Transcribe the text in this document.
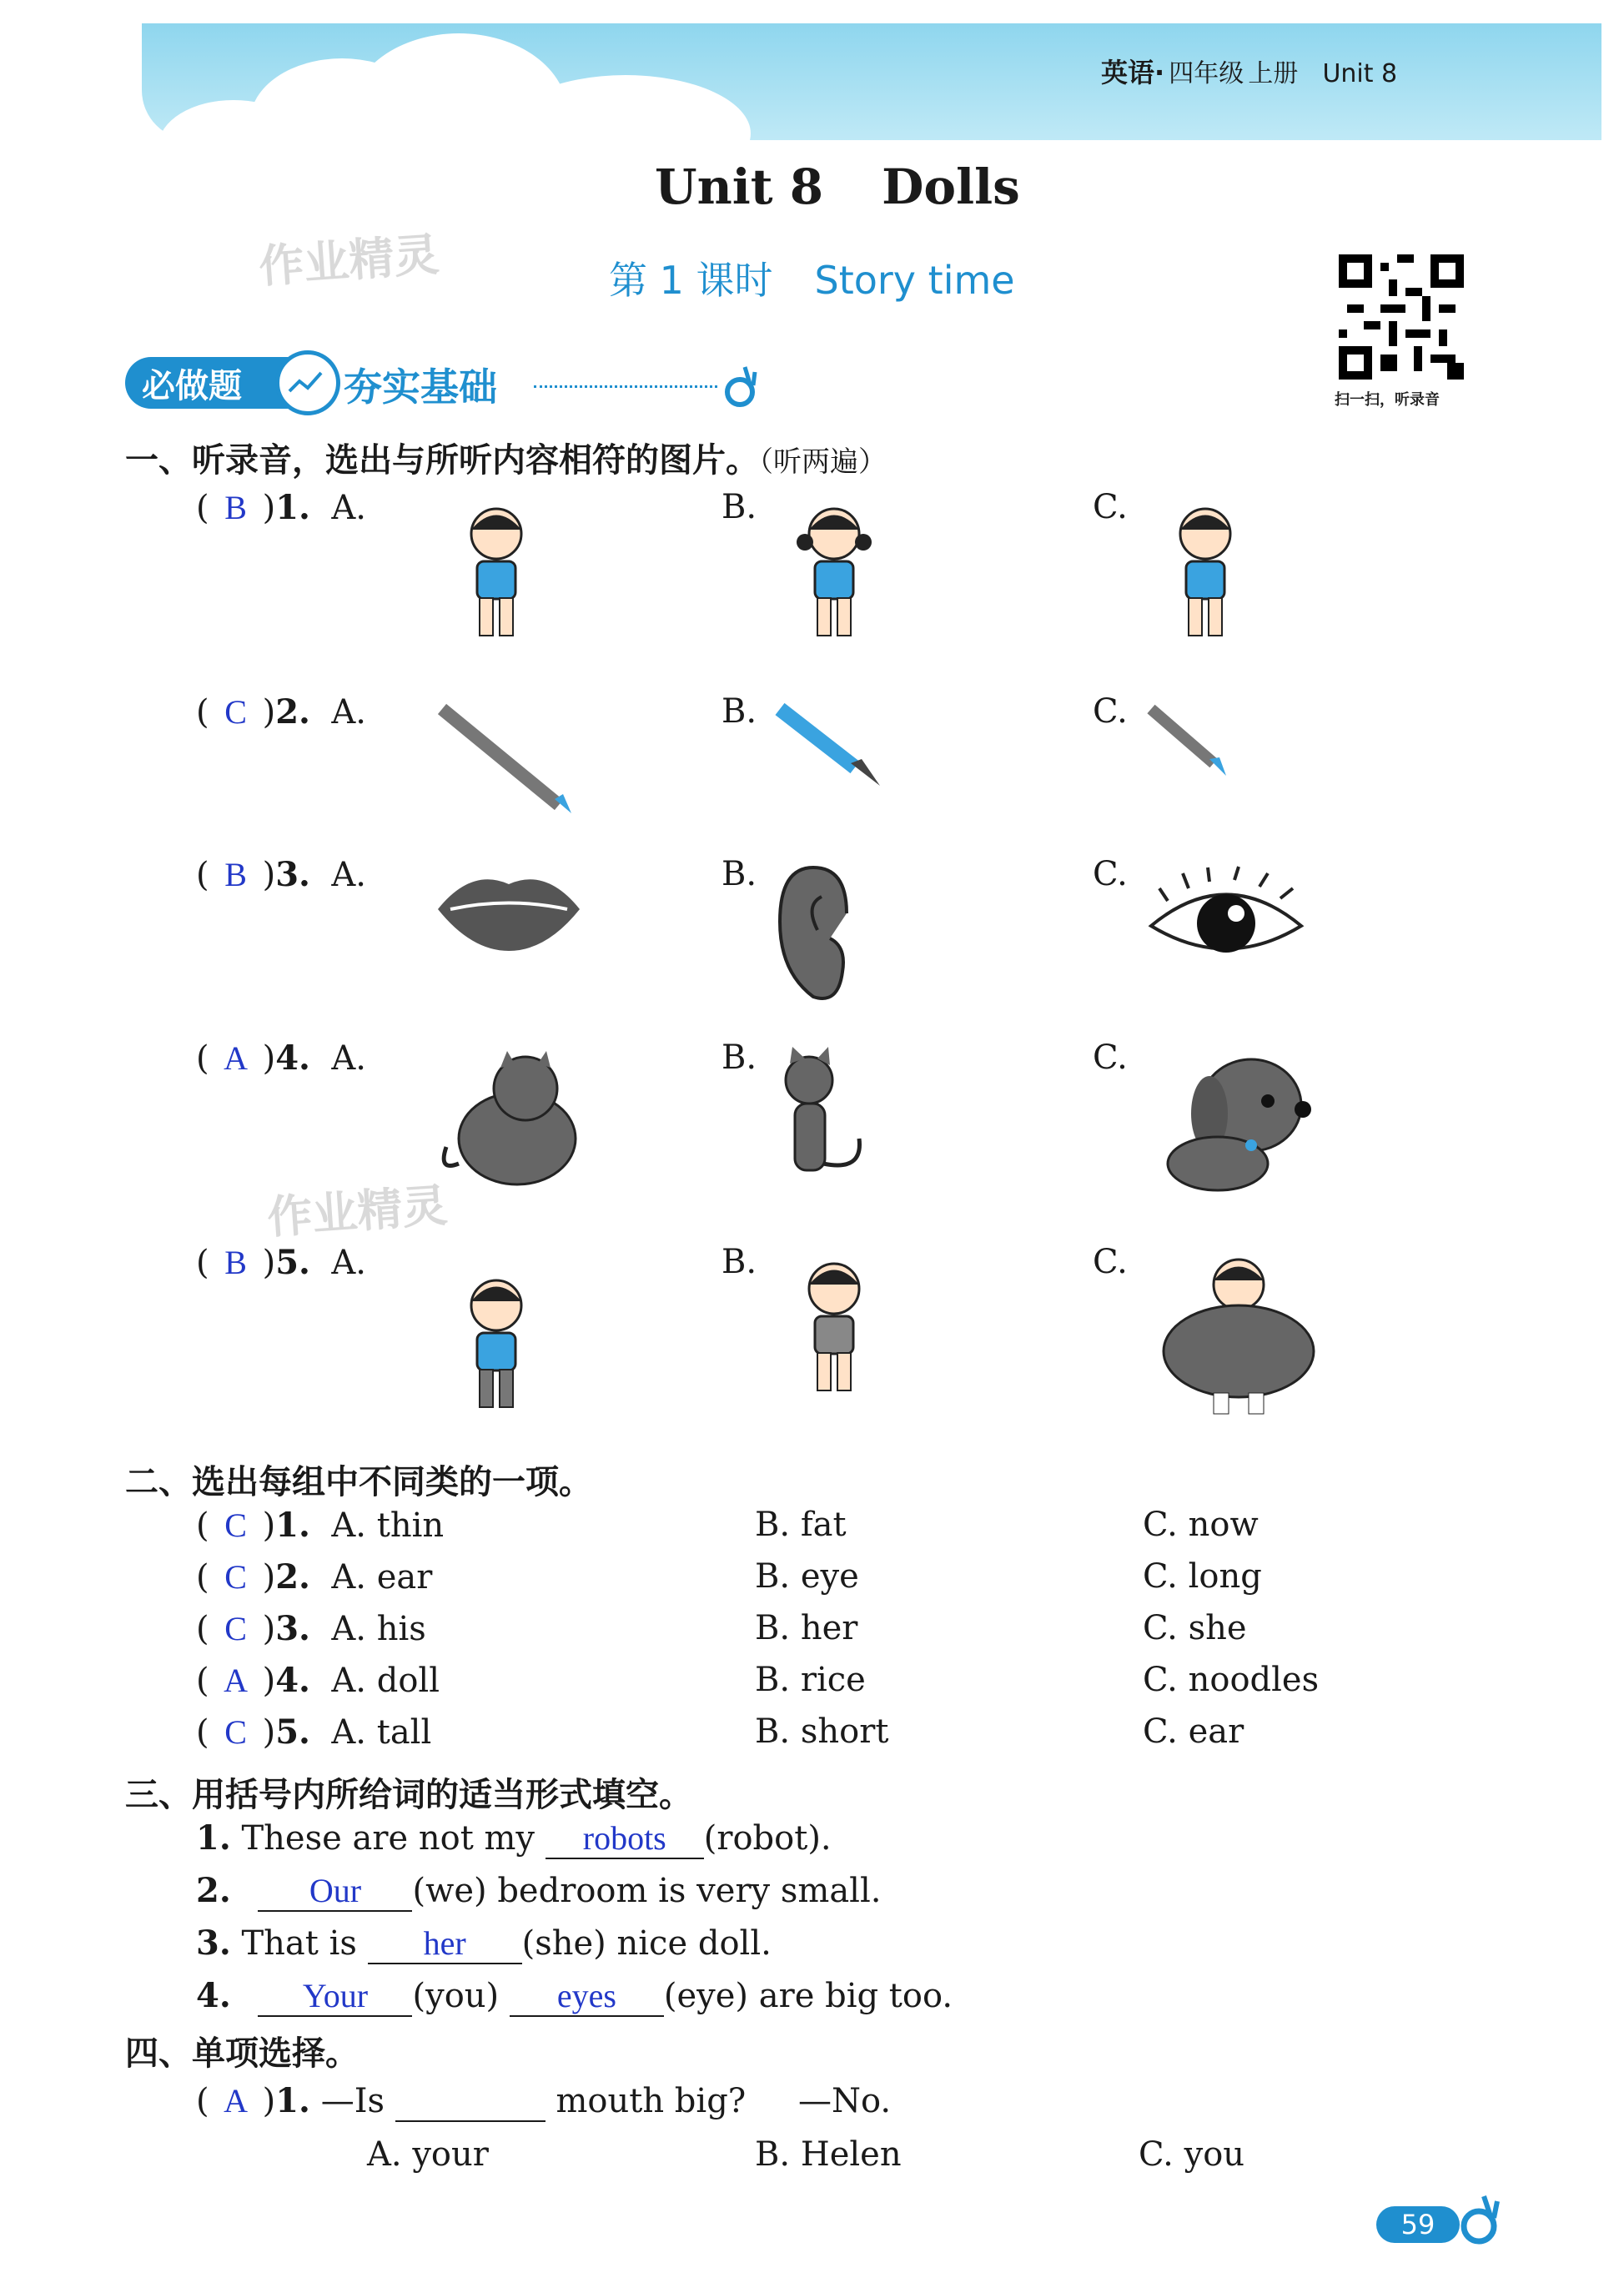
英语· 四年级 上册 Unit 8
Unit 8 Dolls
第 1 课时 Story time
作业精灵
作业精灵
扫一扫，听录音
必做题	夯实基础
一、听录音，选出与所听内容相符的图片。（听两遍）
( B )1. A.	B.	C.
( C )2. A.	B.	C.
( B )3. A.	B.	C.
( A )4. A.	B.	C.
( B )5. A.	B.	C.
二、选出每组中不同类的一项。
( C )1. A. thin	B. fat	C. now
( C )2. A. ear	B. eye	C. long
( C )3. A. his	B. her	C. she
( A )4. A. doll	B. rice	C. noodles
( C )5. A. tall	B. short	C. ear
三、用括号内所给词的适当形式填空。
1. These are not my robots (robot).
2. Our (we) bedroom is very small.
3. That is her (she) nice doll.
4. Your (you) eyes (eye) are big too.
四、单项选择。
( A )1. —Is	mouth big? —No.
A. your	B. Helen	C. you
59
